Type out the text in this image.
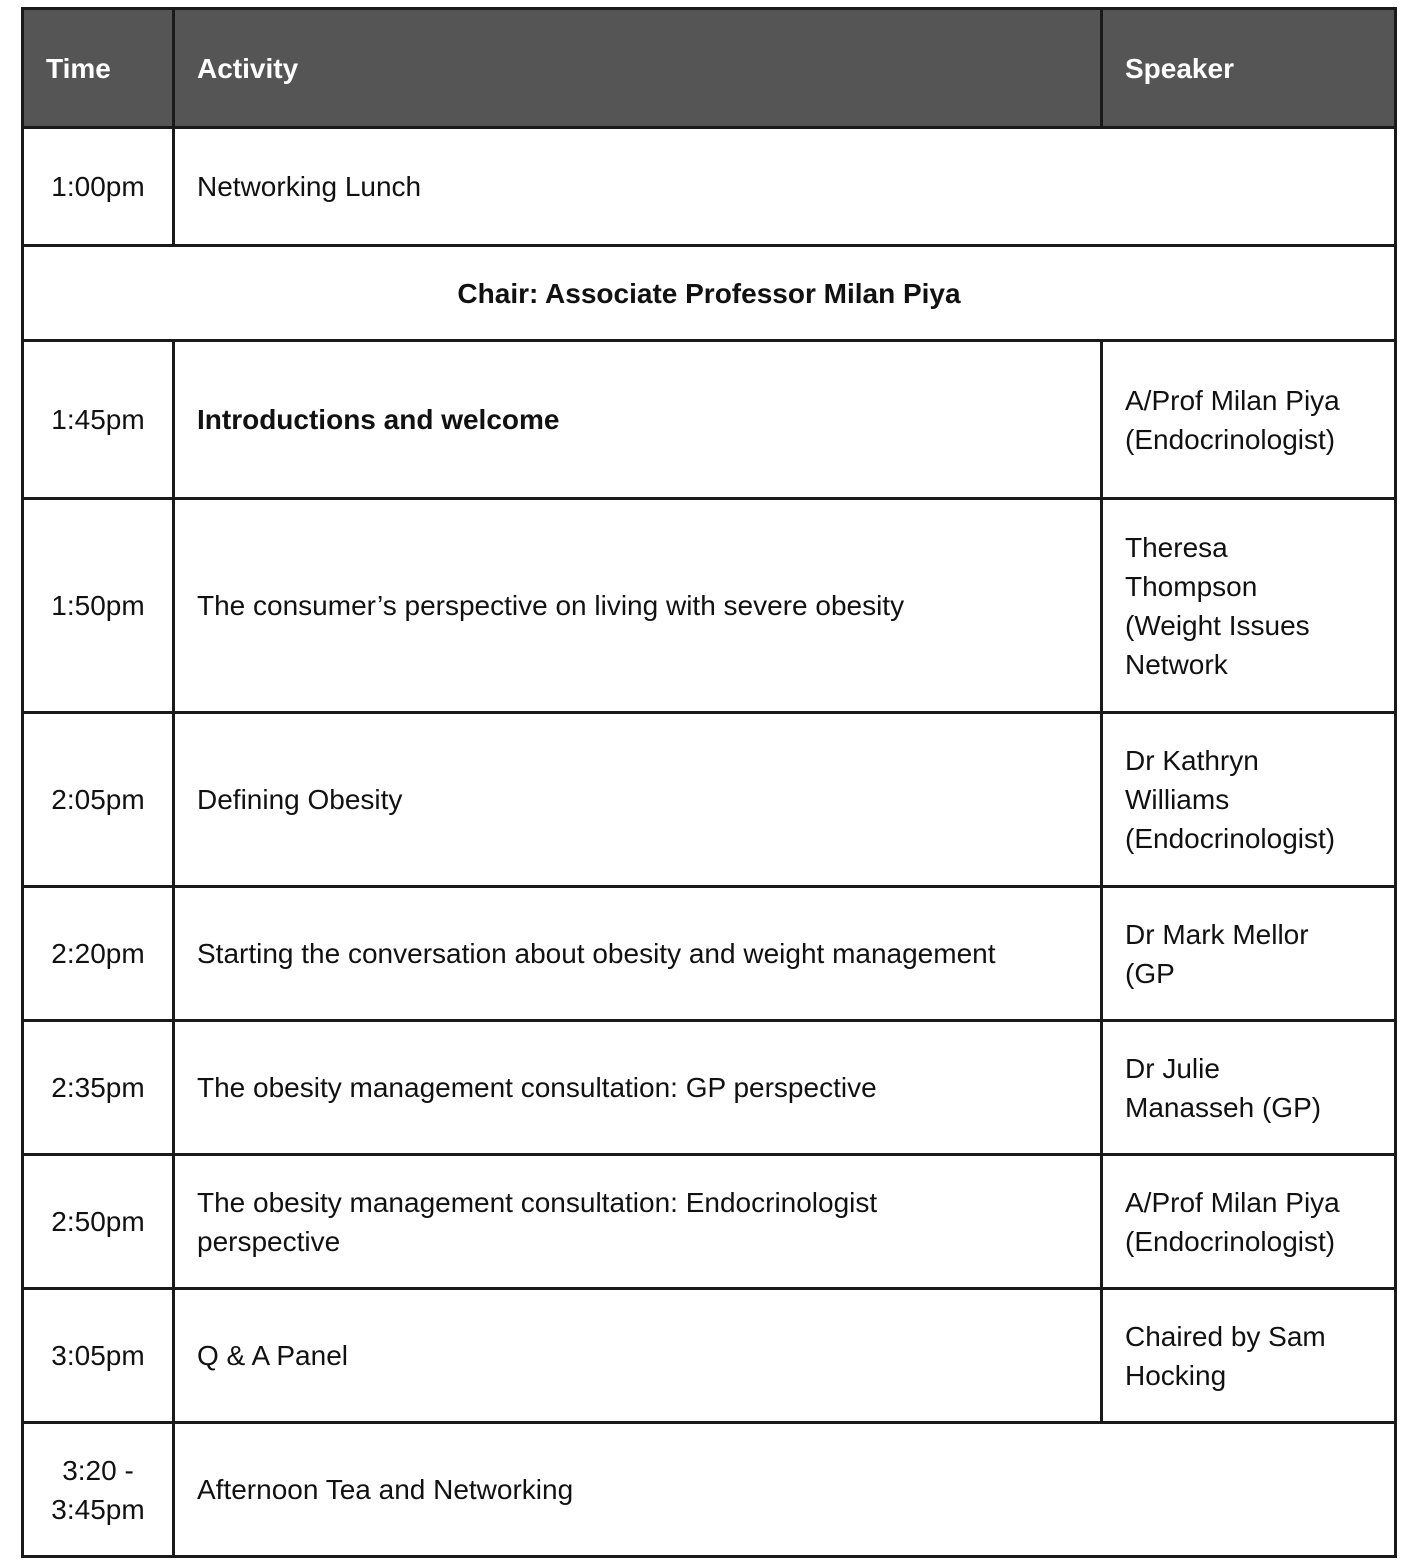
Time	Activity	Speaker
1:00pm	Networking Lunch	
Chair: Associate Professor Milan Piya		
1:45pm	Introductions and welcome	A/Prof Milan Piya
(Endocrinologist)

1:50pm	The consumer’s perspective on living with severe obesity	Theresa
Thompson
(Weight Issues
Network

2:05pm	Defining Obesity	Dr Kathryn
Williams
(Endocrinologist)

2:20pm	Starting the conversation about obesity and weight management	Dr Mark Mellor
(GP

2:35pm	The obesity management consultation: GP perspective	Dr Julie
Manasseh (GP)

2:50pm	The obesity management consultation: Endocrinologist
perspective	A/Prof Milan Piya
(Endocrinologist)

3:05pm	Q & A Panel	Chaired by Sam
Hocking

3:20 -
3:45pm	Afternoon Tea and Networking	
